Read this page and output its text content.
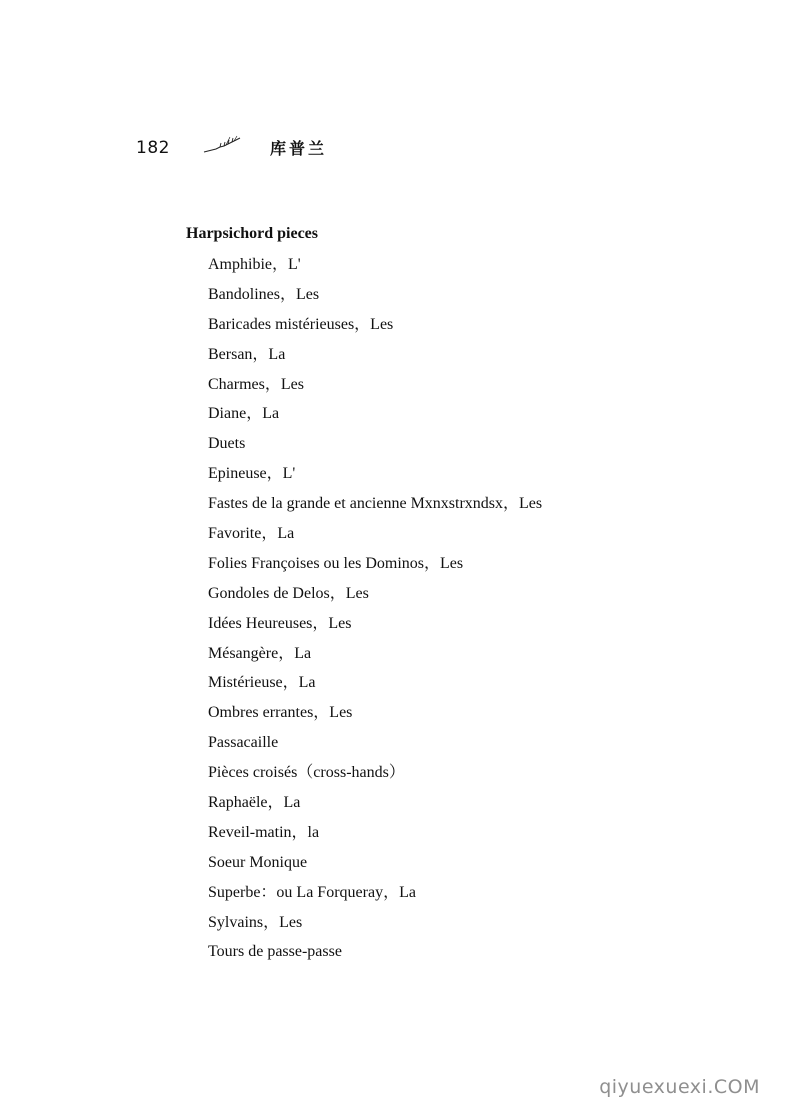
182	库普兰
Harpsichord pieces
Amphibie，L'
Bandolines，Les
Baricades mistérieuses，Les
Bersan，La
Charmes，Les
Diane，La
Duets
Epineuse，L'
Fastes de la grande et ancienne Mxnxstrxndsx，Les
Favorite，La
Folies Françoises ou les Dominos，Les
Gondoles de Delos，Les
Idées Heureuses，Les
Mésangère，La
Mistérieuse，La
Ombres errantes，Les
Passacaille
Pièces croisés（cross-hands）
Raphaële，La
Reveil-matin，la
Soeur Monique
Superbe：ou La Forqueray，La
Sylvains，Les
Tours de passe-passe
qiyuexuexi.COM
